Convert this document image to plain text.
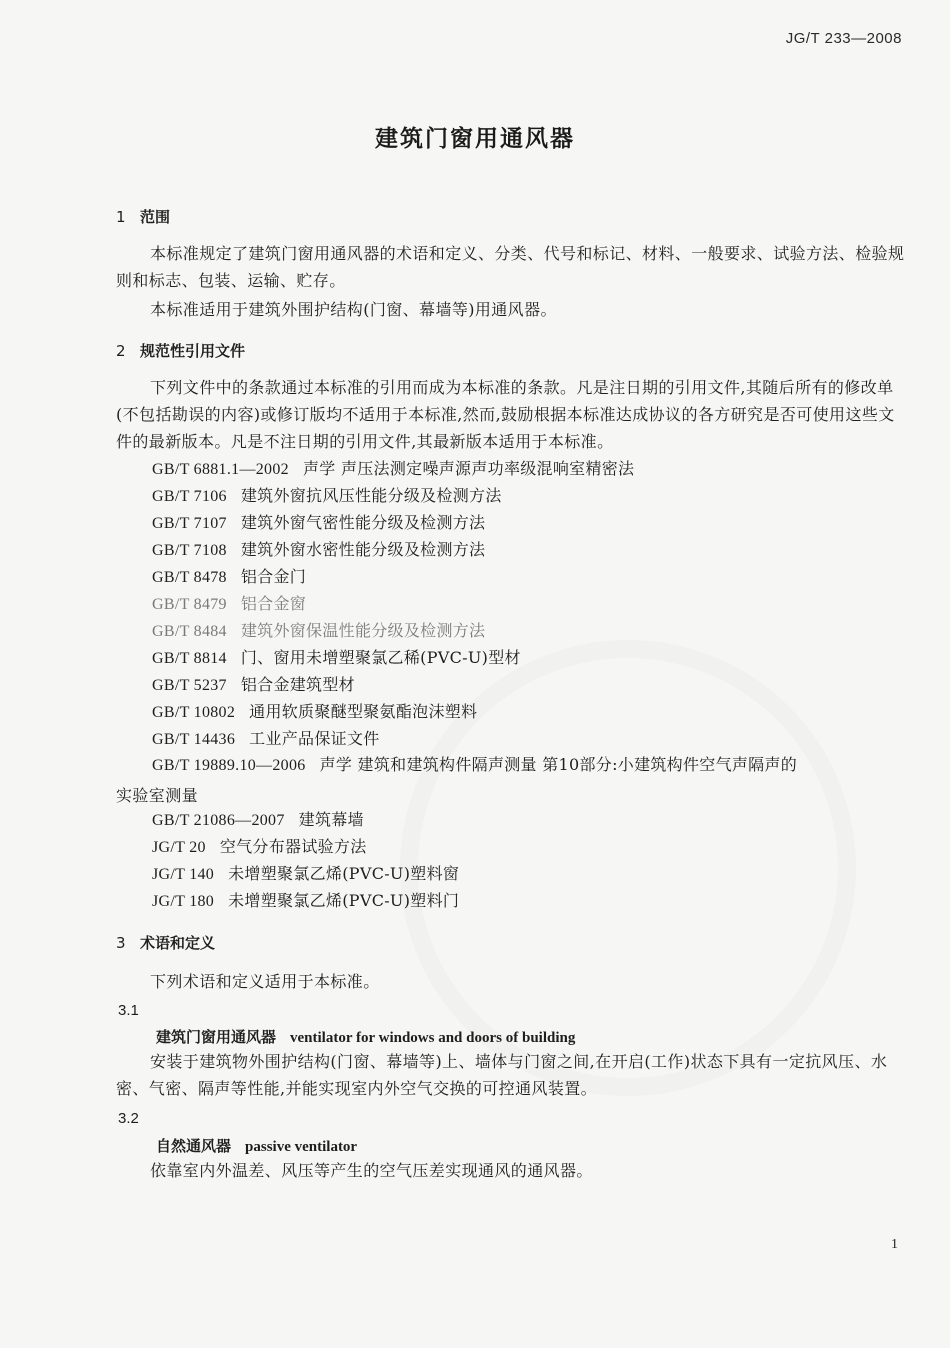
JG/T 233—2008
建筑门窗用通风器
1 范围
本标准规定了建筑门窗用通风器的术语和定义、分类、代号和标记、材料、一般要求、试验方法、检验规则和标志、包装、运输、贮存。
本标准适用于建筑外围护结构(门窗、幕墙等)用通风器。
2 规范性引用文件
下列文件中的条款通过本标准的引用而成为本标准的条款。凡是注日期的引用文件,其随后所有的修改单(不包括勘误的内容)或修订版均不适用于本标准,然而,鼓励根据本标准达成协议的各方研究是否可使用这些文件的最新版本。凡是不注日期的引用文件,其最新版本适用于本标准。
GB/T 6881.1—2002 声学 声压法测定噪声源声功率级混响室精密法
GB/T 7106 建筑外窗抗风压性能分级及检测方法
GB/T 7107 建筑外窗气密性能分级及检测方法
GB/T 7108 建筑外窗水密性能分级及检测方法
GB/T 8478 铝合金门
GB/T 8479 铝合金窗
GB/T 8484 建筑外窗保温性能分级及检测方法
GB/T 8814 门、窗用未增塑聚氯乙稀(PVC-U)型材
GB/T 5237 铝合金建筑型材
GB/T 10802 通用软质聚醚型聚氨酯泡沫塑料
GB/T 14436 工业产品保证文件
GB/T 19889.10—2006 声学 建筑和建筑构件隔声测量 第10部分:小建筑构件空气声隔声的
实验室测量
GB/T 21086—2007 建筑幕墙
JG/T 20 空气分布器试验方法
JG/T 140 未增塑聚氯乙烯(PVC-U)塑料窗
JG/T 180 未增塑聚氯乙烯(PVC-U)塑料门
3 术语和定义
下列术语和定义适用于本标准。
3.1
建筑门窗用通风器 ventilator for windows and doors of building
安装于建筑物外围护结构(门窗、幕墙等)上、墙体与门窗之间,在开启(工作)状态下具有一定抗风压、水密、气密、隔声等性能,并能实现室内外空气交换的可控通风装置。
3.2
自然通风器 passive ventilator
依靠室内外温差、风压等产生的空气压差实现通风的通风器。
1
